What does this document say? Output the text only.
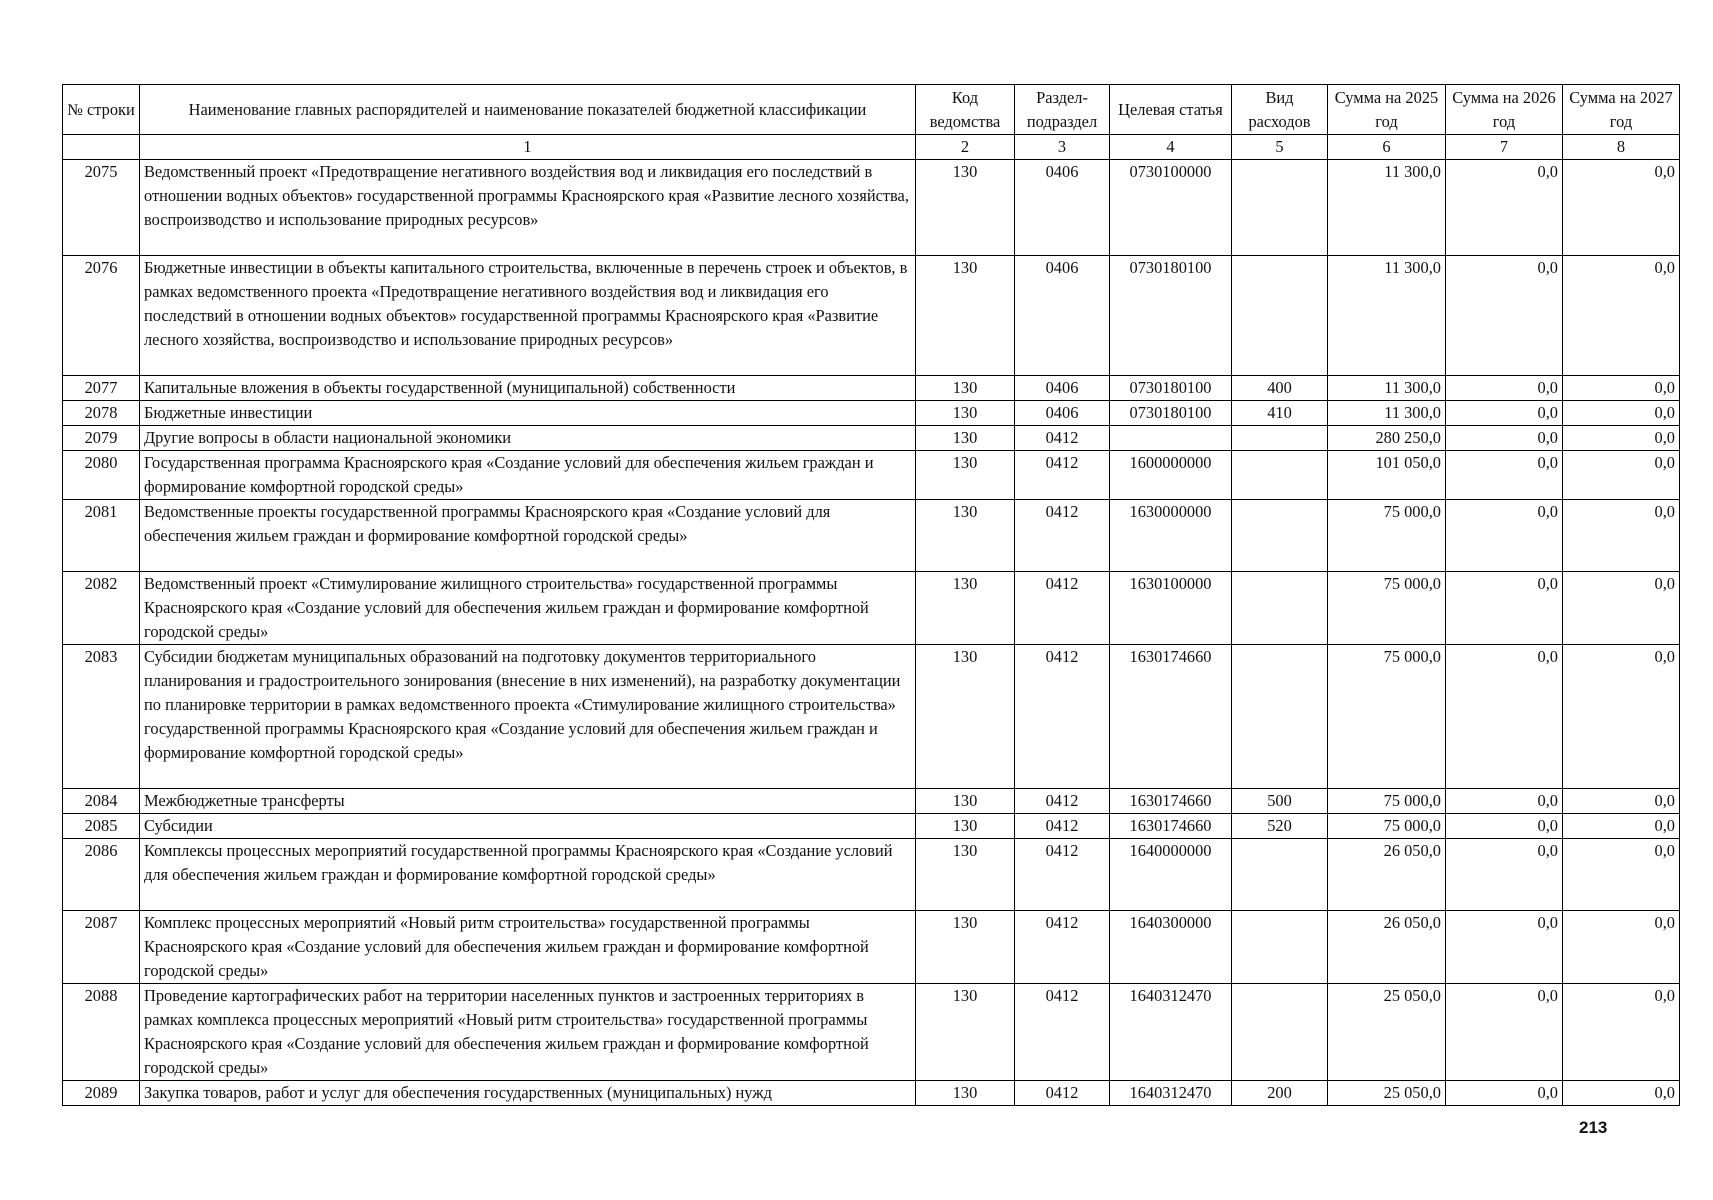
№ строки	Наименование главных распорядителей и наименование показателей бюджетной классификации	Код ведомства	Раздел- подраздел	Целевая статья	Вид расходов	Сумма на 2025 год	Сумма на 2026 год	Сумма на 2027 год
	1	2	3	4	5	6	7	8
2075	Ведомственный проект «Предотвращение негативного воздействия вод и ликвидация его последствий в отношении водных объектов» государственной программы Красноярского края «Развитие лесного хозяйства, воспроизводство и использование природных ресурсов»	130	0406	0730100000		11 300,0	0,0	0,0
2076	Бюджетные инвестиции в объекты капитального строительства, включенные в перечень строек и объектов, в рамках ведомственного проекта «Предотвращение негативного воздействия вод и ликвидация его последствий в отношении водных объектов» государственной программы Красноярского края «Развитие лесного хозяйства, воспроизводство и использование природных ресурсов»	130	0406	0730180100		11 300,0	0,0	0,0
2077	Капитальные вложения в объекты государственной (муниципальной) собственности	130	0406	0730180100	400	11 300,0	0,0	0,0
2078	Бюджетные инвестиции	130	0406	0730180100	410	11 300,0	0,0	0,0
2079	Другие вопросы в области национальной экономики	130	0412			280 250,0	0,0	0,0
2080	Государственная программа Красноярского края «Создание условий для обеспечения жильем граждан и формирование комфортной городской среды»	130	0412	1600000000		101 050,0	0,0	0,0
2081	Ведомственные проекты государственной программы Красноярского края «Создание условий для обеспечения жильем граждан и формирование комфортной городской среды»	130	0412	1630000000		75 000,0	0,0	0,0
2082	Ведомственный проект «Стимулирование жилищного строительства» государственной программы Красноярского края «Создание условий для обеспечения жильем граждан и формирование комфортной городской среды»	130	0412	1630100000		75 000,0	0,0	0,0
2083	Субсидии бюджетам муниципальных образований на подготовку документов территориального планирования и градостроительного зонирования (внесение в них изменений), на разработку документации по планировке территории в рамках ведомственного проекта «Стимулирование жилищного строительства» государственной программы Красноярского края «Создание условий для обеспечения жильем граждан и формирование комфортной городской среды»	130	0412	1630174660		75 000,0	0,0	0,0
2084	Межбюджетные трансферты	130	0412	1630174660	500	75 000,0	0,0	0,0
2085	Субсидии	130	0412	1630174660	520	75 000,0	0,0	0,0
2086	Комплексы процессных мероприятий государственной программы Красноярского края «Создание условий для обеспечения жильем граждан и формирование комфортной городской среды»	130	0412	1640000000		26 050,0	0,0	0,0
2087	Комплекс процессных мероприятий «Новый ритм строительства» государственной программы Красноярского края «Создание условий для обеспечения жильем граждан и формирование комфортной городской среды»	130	0412	1640300000		26 050,0	0,0	0,0
2088	Проведение картографических работ на территории населенных пунктов и застроенных территориях в рамках комплекса процессных мероприятий «Новый ритм строительства» государственной программы Красноярского края «Создание условий для обеспечения жильем граждан и формирование комфортной городской среды»	130	0412	1640312470		25 050,0	0,0	0,0
2089	Закупка товаров, работ и услуг для обеспечения государственных (муниципальных) нужд	130	0412	1640312470	200	25 050,0	0,0	0,0
213
